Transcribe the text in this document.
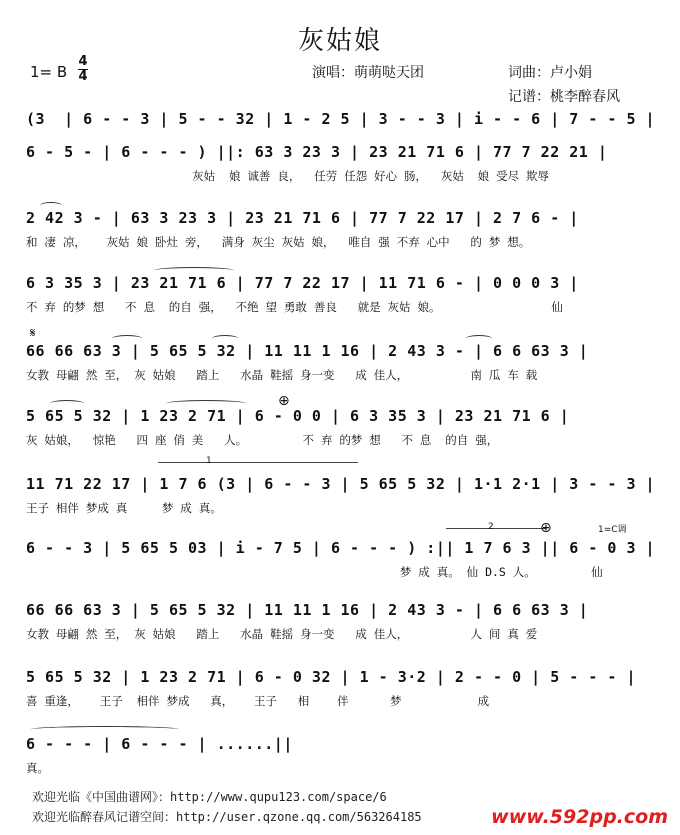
灰姑娘
1= B
4
4	演唱：萌萌哒天团	词曲：卢小娟
记谱：桃李醉春风
(3  | 6 - - 3 | 5 - - 32 | 1 - 2 5 | 3 - - 3 | i - - 6 | 7 - - 5 |
6 - 5 - | 6 - - - ) ||: 63 3 23 3 | 23 21 71 6 | 77 7 22 21 |
灰姑  娘 诚善 良，  任劳 任怨 好心 肠，  灰姑  娘 受尽 欺辱
2 42 3 - | 63 3 23 3 | 23 21 71 6 | 77 7 22 17 | 2 7 6 - |
和 凄 凉，   灰姑 娘 卧灶 旁，  满身 灰尘 灰姑 娘，  唯自 强 不弃 心中   的 梦 想。
6 3 35 3 | 23 21 71 6 | 77 7 22 17 | 11 71 6 - | 0 0 0 3 |
不 弃 的梦 想   不 息  的自 强，  不绝 望 勇敢 善良   就是 灰姑 娘。                仙
𝄋
66 66 63 3 | 5 65 5 32 | 11 11 1 16 | 2 43 3 - | 6 6 63 3 |
女教 母翩 然 至， 灰 姑娘   踏上   水晶 鞋摇 身一变   成 佳人，         南 瓜 车 载
⊕
5 65 5 32 | 1 23 2 71 | 6 - 0 0 | 6 3 35 3 | 23 21 71 6 |
灰 姑娘，  惊艳   四 座 俏 美   人。        不 弃 的梦 想   不 息  的自 强，
1
11 71 22 17 | 1 7 6 (3 | 6 - - 3 | 5 65 5 32 | 1·1 2·1 | 3 - - 3 |
王子 相伴 梦成 真     梦 成 真。
2	⊕	1=C调
6 - - 3 | 5 65 5 03 | i - 7 5 | 6 - - - ) :|| 1 7 6 3 || 6 - 0 3 |
梦 成 真。 仙 D.S 人。        仙
66 66 63 3 | 5 65 5 32 | 11 11 1 16 | 2 43 3 - | 6 6 63 3 |
女教 母翩 然 至， 灰 姑娘   踏上   水晶 鞋摇 身一变   成 佳人，         人 间 真 爱
5 65 5 32 | 1 23 2 71 | 6 - 0 32 | 1 - 3·2 | 2 - - 0 | 5 - - - |
喜 重逢，   王子  相伴 梦成   真，   王子   相    伴      梦           成
6 - - - | 6 - - - | ......||
真。
欢迎光临《中国曲谱网》：http://www.qupu123.com/space/6
欢迎光临醉春风记谱空间：http://user.qzone.qq.com/563264185	www.592pp.com
